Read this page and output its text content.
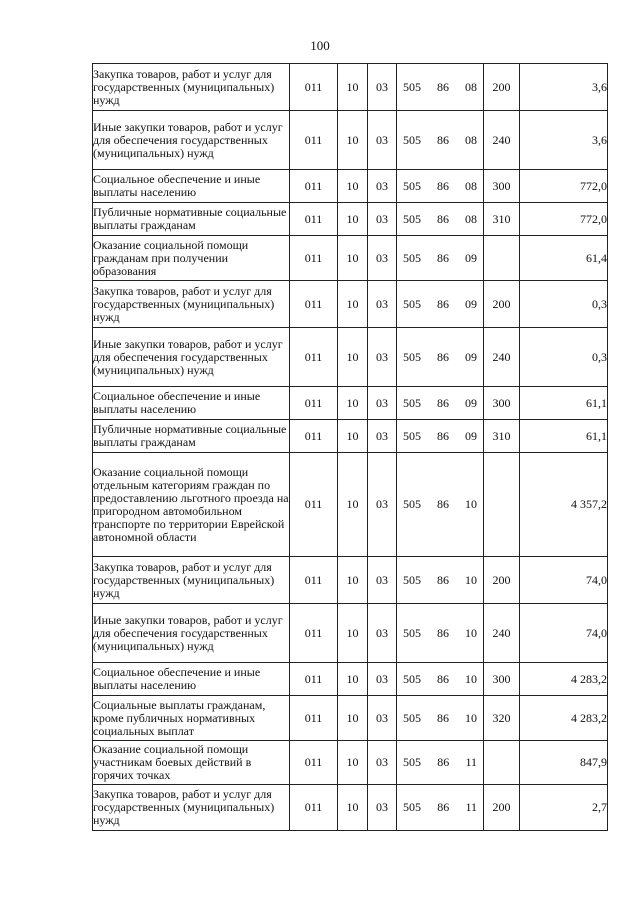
100
Закупка товаров, работ и услуг для государственных (муниципальных) нужд	011	10	03	505 86 08	200	3,6
Иные закупки товаров, работ и услуг для обеспечения государственных (муниципальных) нужд	011	10	03	505 86 08	240	3,6
Социальное обеспечение и иные выплаты населению	011	10	03	505 86 08	300	772,0
Публичные нормативные социальные выплаты гражданам	011	10	03	505 86 08	310	772,0
Оказание социальной помощи гражданам при получении образования	011	10	03	505 86 09		61,4
Закупка товаров, работ и услуг для государственных (муниципальных) нужд	011	10	03	505 86 09	200	0,3
Иные закупки товаров, работ и услуг для обеспечения государственных (муниципальных) нужд	011	10	03	505 86 09	240	0,3
Социальное обеспечение и иные выплаты населению	011	10	03	505 86 09	300	61,1
Публичные нормативные социальные выплаты гражданам	011	10	03	505 86 09	310	61,1
Оказание социальной помощи отдельным категориям граждан по предоставлению льготного проезда на пригородном автомобильном транспорте по территории Еврейской автономной области	011	10	03	505 86 10		4 357,2
Закупка товаров, работ и услуг для государственных (муниципальных) нужд	011	10	03	505 86 10	200	74,0
Иные закупки товаров, работ и услуг для обеспечения государственных (муниципальных) нужд	011	10	03	505 86 10	240	74,0
Социальное обеспечение и иные выплаты населению	011	10	03	505 86 10	300	4 283,2
Социальные выплаты гражданам, кроме публичных нормативных социальных выплат	011	10	03	505 86 10	320	4 283,2
Оказание социальной помощи участникам боевых действий в горячих точках	011	10	03	505 86 11		847,9
Закупка товаров, работ и услуг для государственных (муниципальных) нужд	011	10	03	505 86 11	200	2,7
